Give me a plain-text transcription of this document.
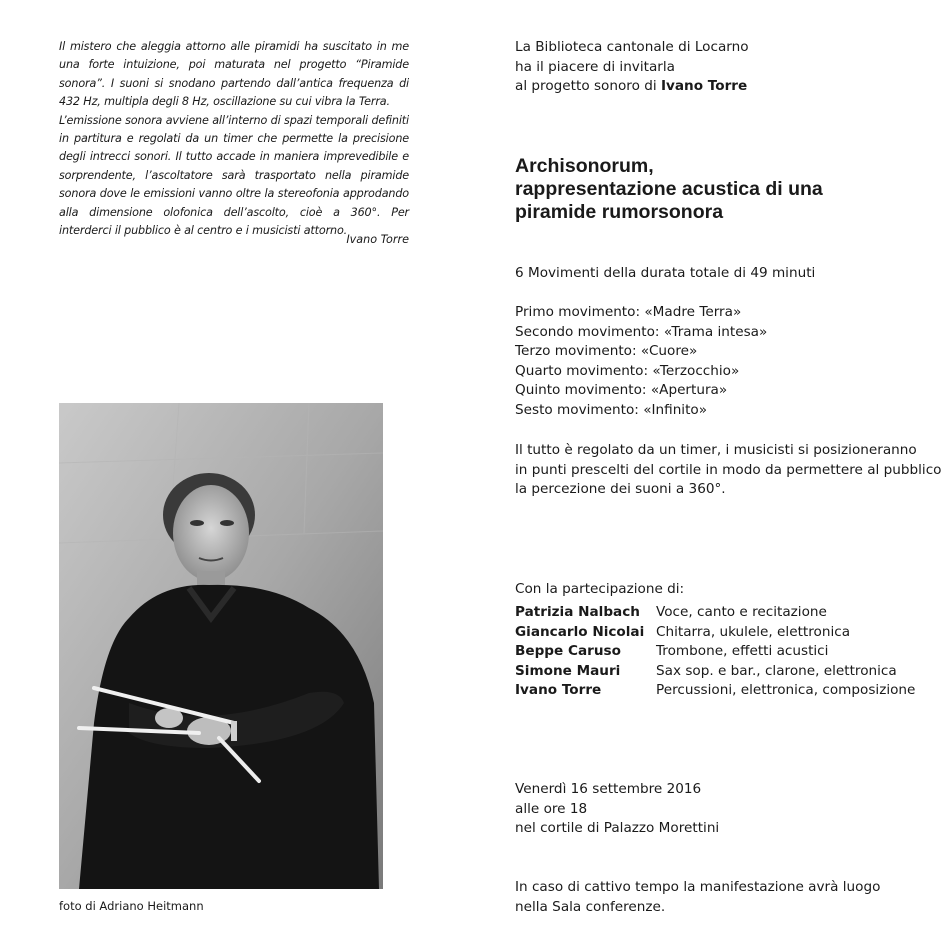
Il mistero che aleggia attorno alle piramidi ha suscitato in me una forte intuizione, poi maturata nel progetto “Piramide sonora”. I suoni si snodano partendo dall’antica frequenza di 432 Hz, multipla degli 8 Hz, oscillazione su cui vibra la Terra.

L’emissione sonora avviene all’interno di spazi temporali definiti in partitura e regolati da un timer che permette la precisione degli intrecci sonori. Il tutto accade in maniera imprevedibile e sorprendente, l’ascoltatore sarà trasportato nella piramide sonora dove le emissioni vanno oltre la stereofonia approdando alla dimensione olofonica dell’ascolto, cioè a 360°. Per interderci il pubblico è al centro e i musicisti attorno.

Ivano Torre
foto di Adriano Heitmann
La Biblioteca cantonale di Locarno
ha il piacere di invitarla
al progetto sonoro di Ivano Torre
Archisonorum,
rappresentazione acustica di una
piramide rumorsonora
6 Movimenti della durata totale di 49 minuti
Primo movimento: «Madre Terra»
Secondo movimento: «Trama intesa»
Terzo movimento: «Cuore»
Quarto movimento: «Terzocchio»
Quinto movimento: «Apertura»
Sesto movimento: «Infinito»
Il tutto è regolato da un timer, i musicisti si posizioneranno
in punti prescelti del cortile in modo da permettere al pubblico
la percezione dei suoni a 360°.
Con la partecipazione di:
Patrizia Nalbach	Voce, canto e recitazione
Giancarlo Nicolai Chitarra, ukulele, elettronica
Beppe Caruso	Trombone, effetti acustici
Simone Mauri	Sax sop. e bar., clarone, elettronica
Ivano Torre	Percussioni, elettronica, composizione
Venerdì 16 settembre 2016
alle ore 18
nel cortile di Palazzo Morettini
In caso di cattivo tempo la manifestazione avrà luogo
nella Sala conferenze.
